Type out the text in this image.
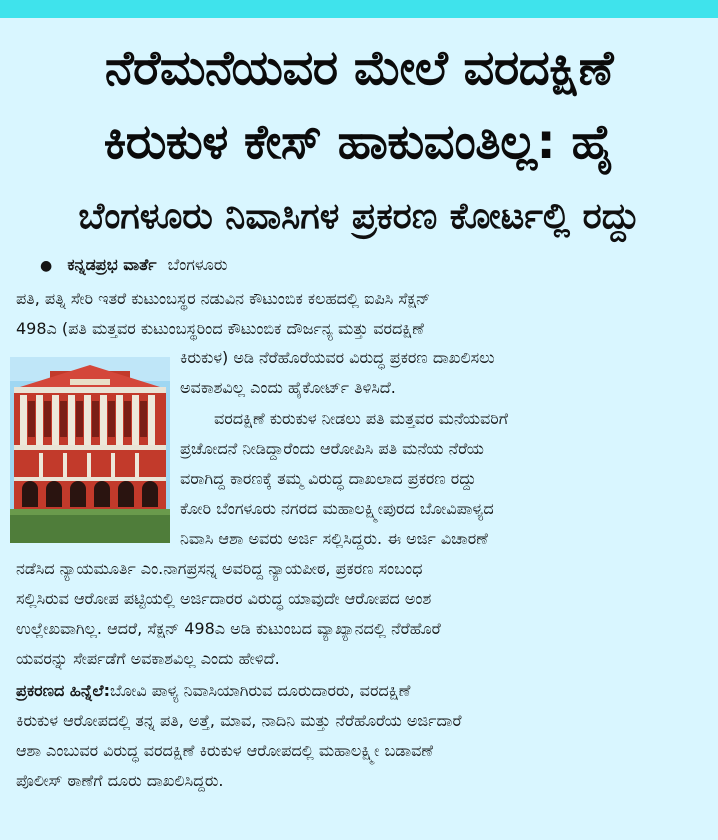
ನೆರೆಮನೆಯವರ ಮೇಲೆ ವರದಕ್ಷಿಣೆ
ಕಿರುಕುಳ ಕೇಸ್ ಹಾಕುವಂತಿಲ್ಲ: ಹೈ
ಬೆಂಗಳೂರು ನಿವಾಸಿಗಳ ಪ್ರಕರಣ ಕೋರ್ಟಲ್ಲಿ ರದ್ದು
● ಕನ್ನಡಪ್ರಭ ವಾರ್ತೆ ಬೆಂಗಳೂರು
ಪತಿ, ಪತ್ನಿ ಸೇರಿ ಇತರೆ ಕುಟುಂಬಸ್ಥರ ನಡುವಿನ ಕೌಟುಂಬಿಕ ಕಲಹದಲ್ಲಿ ಐಪಿಸಿ ಸೆಕ್ಷನ್
498ಎ (ಪತಿ ಮತ್ತವರ ಕುಟುಂಬಸ್ಥರಿಂದ ಕೌಟುಂಬಿಕ ದೌರ್ಜನ್ಯ ಮತ್ತು ವರದಕ್ಷಿಣೆ
ಕಿರುಕುಳ) ಅಡಿ ನೆರೆಹೊರೆಯವರ ವಿರುದ್ಧ ಪ್ರಕರಣ ದಾಖಲಿಸಲು
ಅವಕಾಶವಿಲ್ಲ ಎಂದು ಹೈಕೋರ್ಟ್ ತಿಳಿಸಿದೆ.
ವರದಕ್ಷಿಣೆ ಕುರುಕುಳ ನೀಡಲು ಪತಿ ಮತ್ತವರ ಮನೆಯವರಿಗೆ
ಪ್ರಚೋದನೆ ನೀಡಿದ್ದಾರೆಂದು ಆರೋಪಿಸಿ ಪತಿ ಮನೆಯ ನೆರೆಯ
ವರಾಗಿದ್ದ ಕಾರಣಕ್ಕೆ ತಮ್ಮ ವಿರುದ್ಧ ದಾಖಲಾದ ಪ್ರಕರಣ ರದ್ದು
ಕೋರಿ ಬೆಂಗಳೂರು ನಗರದ ಮಹಾಲಕ್ಷ್ಮೀಪುರದ ಬೋವಿಪಾಳ್ಯದ
ನಿವಾಸಿ ಆಶಾ ಅವರು ಅರ್ಜಿ ಸಲ್ಲಿಸಿದ್ದರು. ಈ ಅರ್ಜಿ ವಿಚಾರಣೆ
ನಡೆಸಿದ ನ್ಯಾಯಮೂರ್ತಿ ಎಂ.ನಾಗಪ್ರಸನ್ನ ಅವರಿದ್ದ ನ್ಯಾಯಪೀಠ, ಪ್ರಕರಣ ಸಂಬಂಧ
ಸಲ್ಲಿಸಿರುವ ಆರೋಪ ಪಟ್ಟಿಯಲ್ಲಿ ಅರ್ಜಿದಾರರ ವಿರುದ್ಧ ಯಾವುದೇ ಆರೋಪದ ಅಂಶ
ಉಲ್ಲೇಖವಾಗಿಲ್ಲ. ಆದರೆ, ಸೆಕ್ಷನ್ 498ಎ ಅಡಿ ಕುಟುಂಬದ ವ್ಯಾಖ್ಯಾನದಲ್ಲಿ ನೆರೆಹೊರೆ
ಯವರನ್ನು ಸೇರ್ಪಡೆಗೆ ಅವಕಾಶವಿಲ್ಲ ಎಂದು ಹೇಳಿದೆ.
ಪ್ರಕರಣದ ಹಿನ್ನೆಲೆ:ಬೋವಿ ಪಾಳ್ಯ ನಿವಾಸಿಯಾಗಿರುವ ದೂರುದಾರರು, ವರದಕ್ಷಿಣೆ
ಕಿರುಕುಳ ಆರೋಪದಲ್ಲಿ ತನ್ನ ಪತಿ, ಅತ್ತೆ, ಮಾವ, ನಾದಿನಿ ಮತ್ತು ನೆರೆಹೊರೆಯ ಅರ್ಜಿದಾರೆ
ಆಶಾ ಎಂಬುವರ ವಿರುದ್ಧ ವರದಕ್ಷಿಣೆ ಕಿರುಕುಳ ಆರೋಪದಲ್ಲಿ ಮಹಾಲಕ್ಷ್ಮೀ ಬಡಾವಣೆ
ಪೊಲೀಸ್ ಠಾಣೆಗೆ ದೂರು ದಾಖಲಿಸಿದ್ದರು.
